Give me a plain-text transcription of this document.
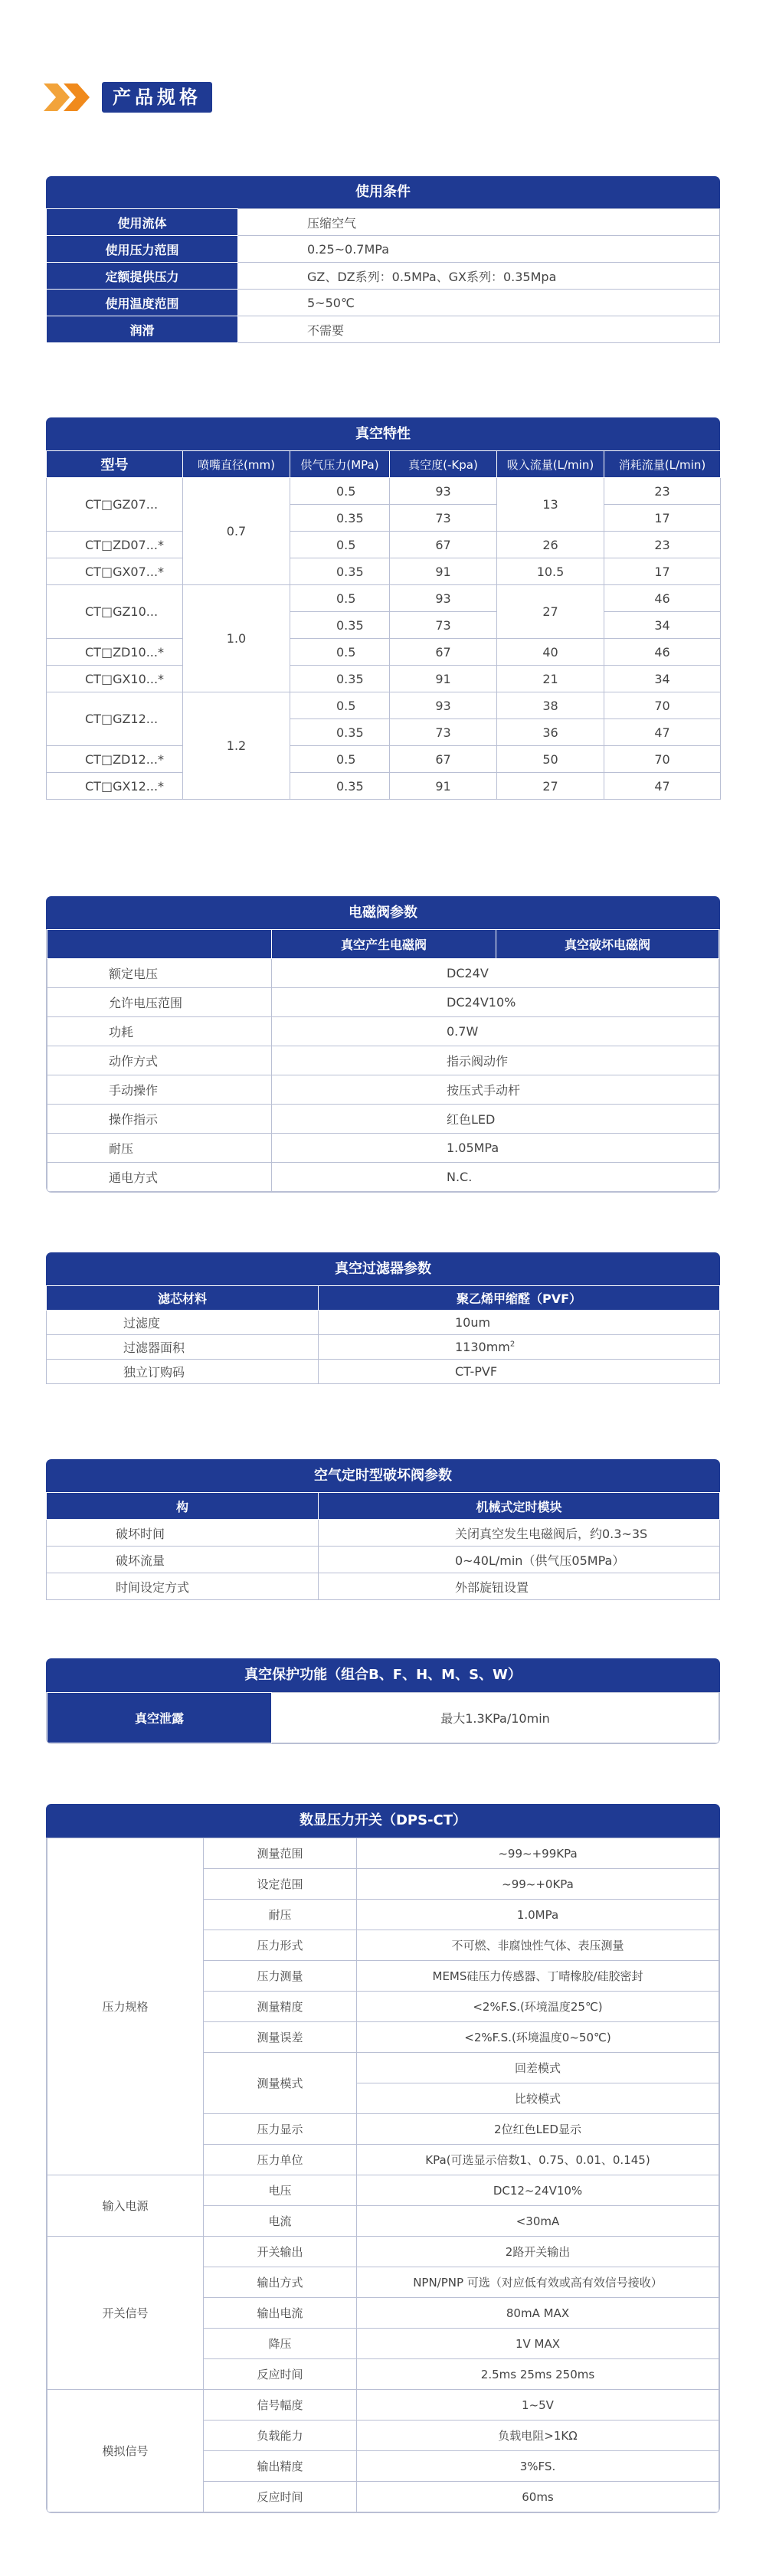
产品规格
使用条件
使用流体	压缩空气
使用压力范围	0.25~0.7MPa
定额提供压力	GZ、DZ系列：0.5MPa、GX系列：0.35Mpa
使用温度范围	5~50℃
润滑	不需要
真空特性
型号	喷嘴直径(mm)	供气压力(MPa)	真空度(-Kpa)	吸入流量(L/min)	消耗流量(L/min)
CT□GZ07...	0.7	0.5	93	13	23
		0.35	73		17
CT□ZD07...*		0.5	67	26	23
CT□GX07...*		0.35	91	10.5	17
CT□GZ10...	1.0	0.5	93	27	46
		0.35	73		34
CT□ZD10...*		0.5	67	40	46
CT□GX10...*		0.35	91	21	34
CT□GZ12...	1.2	0.5	93	38	70
		0.35	73	36	47
CT□ZD12...*		0.5	67	50	70
CT□GX12...*		0.35	91	27	47
电磁阀参数
	真空产生电磁阀	真空破坏电磁阀
额定电压	DC24V	
允许电压范围	DC24V10%	
功耗	0.7W	
动作方式	指示阀动作	
手动操作	按压式手动杆	
操作指示	红色LED	
耐压	1.05MPa	
通电方式	N.C.	
真空过滤器参数
滤芯材料	聚乙烯甲缩醛（PVF）
过滤度	10um
过滤器面积	$1130mm^2$
独立订购码	CT-PVF
空气定时型破坏阀参数
构	机械式定时模块
破坏时间	关闭真空发生电磁阀后，约0.3~3S
破坏流量	0~40L/min（供气压05MPa）
时间设定方式	外部旋钮设置
真空保护功能（组合B、F、H、M、S、W）
真空泄露	最大1.3KPa/10min
数显压力开关（DPS-CT）
压力规格	测量范围	~99~+99KPa
	设定范围	~99~+0KPa
	耐压	1.0MPa
	压力形式	不可燃、非腐蚀性气体、表压测量
	压力测量	MEMS硅压力传感器、丁晴橡胶/硅胶密封
	测量精度	<2%F.S.(环境温度25℃)
	测量误差	<2%F.S.(环境温度0~50℃)
	测量模式	回差模式
		比较模式
	压力显示	2位红色LED显示
	压力单位	KPa(可选显示倍数1、0.75、0.01、0.145)
输入电源	电压	DC12~24V10%
	电流	<30mA
开关信号	开关输出	2路开关输出
	输出方式	NPN/PNP 可选（对应低有效或高有效信号接收）
	输出电流	80mA MAX
	降压	1V MAX
	反应时间	2.5ms 25ms 250ms
模拟信号	信号幅度	1~5V
	负载能力	负载电阻>1KΩ
	输出精度	3%FS.
	反应时间	60ms
